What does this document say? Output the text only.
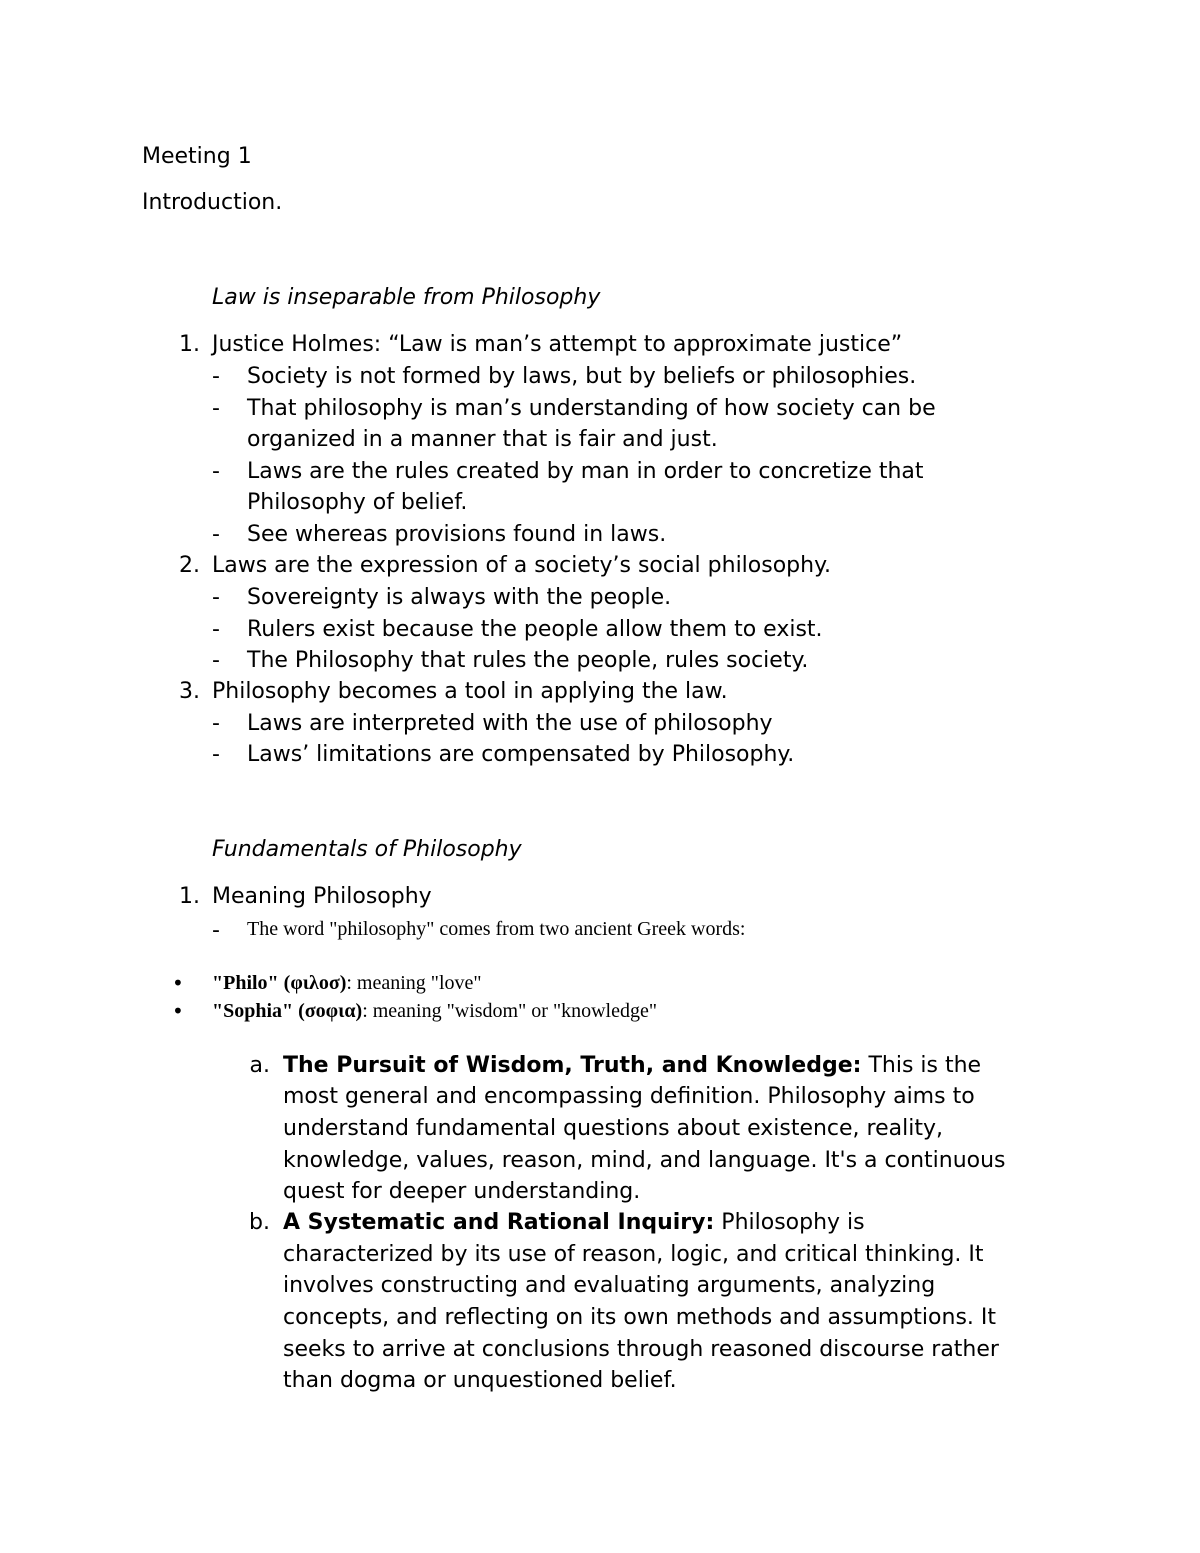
Meeting 1
Introduction.
Law is inseparable from Philosophy
1. Justice Holmes: “Law is man’s attempt to approximate justice”
- Society is not formed by laws, but by beliefs or philosophies.
- That philosophy is man’s understanding of how society can be
organized in a manner that is fair and just.
- Laws are the rules created by man in order to concretize that
Philosophy of belief.
- See whereas provisions found in laws.
2. Laws are the expression of a society’s social philosophy.
- Sovereignty is always with the people.
- Rulers exist because the people allow them to exist.
- The Philosophy that rules the people, rules society.
3. Philosophy becomes a tool in applying the law.
- Laws are interpreted with the use of philosophy
- Laws’ limitations are compensated by Philosophy.
Fundamentals of Philosophy
1. Meaning Philosophy
- The word "philosophy" comes from two ancient Greek words:
• "Philo" (φιλοσ): meaning "love"
• "Sophia" (σοφια): meaning "wisdom" or "knowledge"
a. The Pursuit of Wisdom, Truth, and Knowledge: This is the
most general and encompassing definition. Philosophy aims to
understand fundamental questions about existence, reality,
knowledge, values, reason, mind, and language. It's a continuous
quest for deeper understanding.
b. A Systematic and Rational Inquiry: Philosophy is
characterized by its use of reason, logic, and critical thinking. It
involves constructing and evaluating arguments, analyzing
concepts, and reflecting on its own methods and assumptions. It
seeks to arrive at conclusions through reasoned discourse rather
than dogma or unquestioned belief.
